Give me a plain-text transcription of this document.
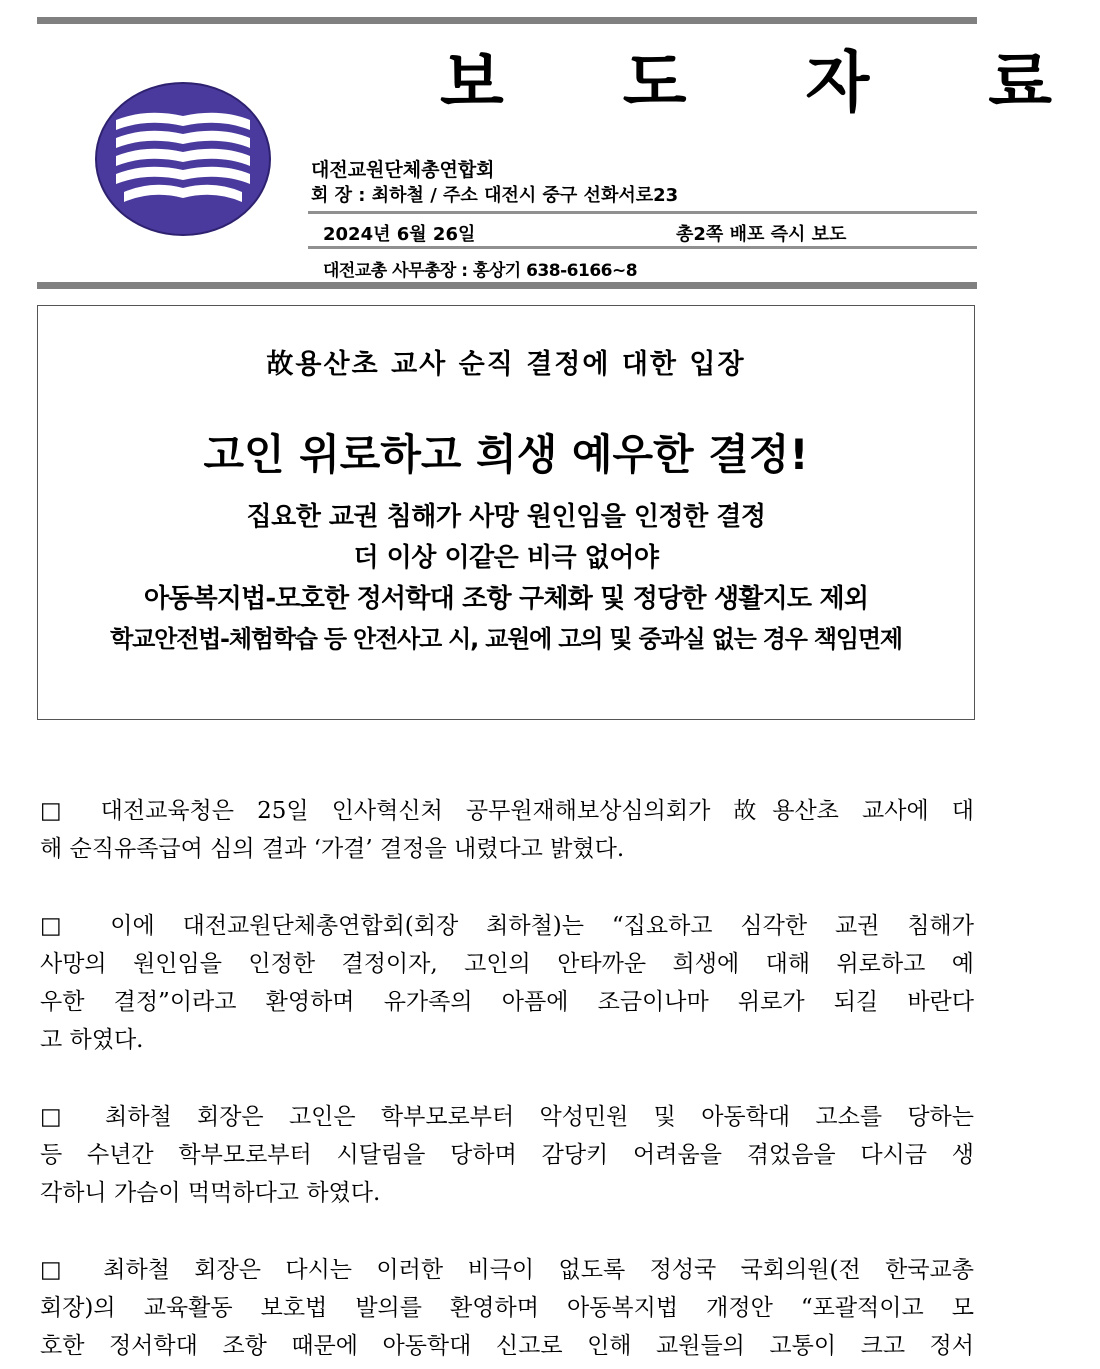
보 도 자 료
대전교원단체총연합회
회 장 : 최하철 / 주소 대전시 중구 선화서로23
2024년 6월 26일	총2쪽 배포 즉시 보도
대전교총 사무총장 : 홍상기 638-6166~8
故용산초 교사 순직 결정에 대한 입장
고인 위로하고 희생 예우한 결정!
집요한 교권 침해가 사망 원인임을 인정한 결정
더 이상 이같은 비극 없어야
아동복지법-모호한 정서학대 조항 구체화 및 정당한 생활지도 제외
학교안전법-체험학습 등 안전사고 시, 교원에 고의 및 중과실 없는 경우 책임면제
□ 대전교육청은 25일 인사혁신처 공무원재해보상심의회가 故용산초 교사에 대
해 순직유족급여 심의 결과 ‘가결’ 결정을 내렸다고 밝혔다.
□ 이에 대전교원단체총연합회(회장 최하철)는 “집요하고 심각한 교권 침해가
사망의 원인임을 인정한 결정이자, 고인의 안타까운 희생에 대해 위로하고 예
우한 결정”이라고 환영하며 유가족의 아픔에 조금이나마 위로가 되길 바란다
고 하였다.
□ 최하철 회장은 고인은 학부모로부터 악성민원 및 아동학대 고소를 당하는
등 수년간 학부모로부터 시달림을 당하며 감당키 어려움을 겪었음을 다시금 생
각하니 가슴이 먹먹하다고 하였다.
□ 최하철 회장은 다시는 이러한 비극이 없도록 정성국 국회의원(전 한국교총
회장)의 교육활동 보호법 발의를 환영하며 아동복지법 개정안 “포괄적이고 모
호한 정서학대 조항 때문에 아동학대 신고로 인해 교원들의 고통이 크고 정서
